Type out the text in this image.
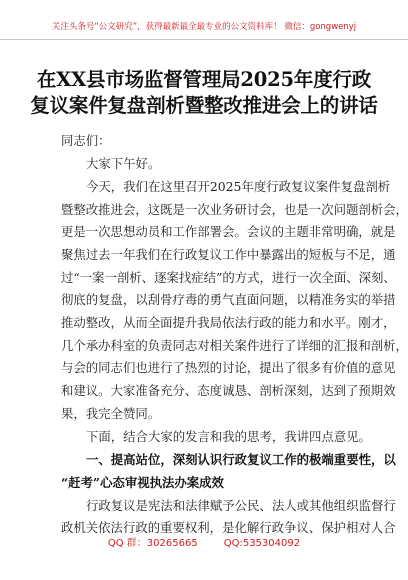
关注头条号“公文研究”，获得最新最全最专业的公文资料库！ 微信：gongwenyj
在XX县市场监督管理局2025年度行政
复议案件复盘剖析暨整改推进会上的讲话
同志们：
大家下午好。
今天，我们在这里召开2025年度行政复议案件复盘剖析
暨整改推进会，这既是一次业务研讨会，也是一次问题剖析会，
更是一次思想动员和工作部署会。会议的主题非常明确，就是
聚焦过去一年我们在行政复议工作中暴露出的短板与不足，通
过“一案一剖析、逐案找症结”的方式，进行一次全面、深刻、
彻底的复盘，以刮骨疗毒的勇气直面问题，以精准务实的举措
推动整改，从而全面提升我局依法行政的能力和水平。刚才，
几个承办科室的负责同志对相关案件进行了详细的汇报和剖析，
与会的同志们也进行了热烈的讨论，提出了很多有价值的意见
和建议。大家准备充分、态度诚恳、剖析深刻，达到了预期效
果，我完全赞同。
下面，结合大家的发言和我的思考，我讲四点意见。
一、提高站位，深刻认识行政复议工作的极端重要性，以
“赶考”心态审视执法办案成效
行政复议是宪法和法律赋予公民、法人或其他组织监督行
政机关依法行政的重要权利，是化解行政争议、保护相对人合
QQ 群：30265665	QQ:535304092
